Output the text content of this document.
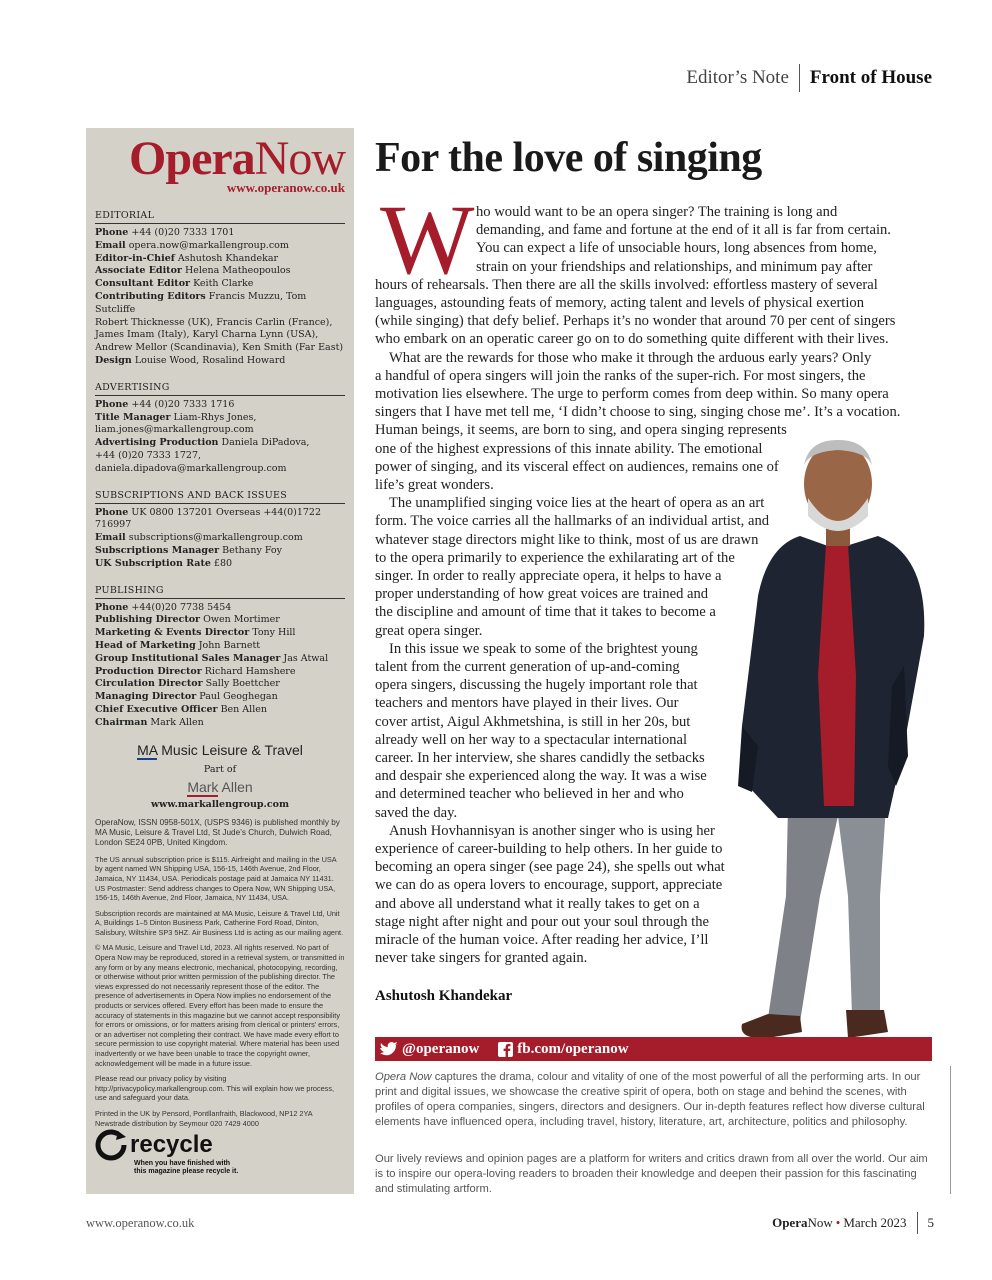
Editor’s Note	Front of House
OperaNow
www.operanow.co.uk
EDITORIAL
Phone +44 (0)20 7333 1701
Email opera.now@markallengroup.com
Editor-in-Chief Ashutosh Khandekar
Associate Editor Helena Matheopoulos
Consultant Editor Keith Clarke
Contributing Editors Francis Muzzu, Tom Sutcliffe
Robert Thicknesse (UK), Francis Carlin (France),
James Imam (Italy), Karyl Charna Lynn (USA),
Andrew Mellor (Scandinavia), Ken Smith (Far East)
Design Louise Wood, Rosalind Howard
ADVERTISING
Phone +44 (0)20 7333 1716
Title Manager Liam-Rhys Jones,
liam.jones@markallengroup.com
Advertising Production Daniela DiPadova,
+44 (0)20 7333 1727, daniela.dipadova@markallengroup.com
SUBSCRIPTIONS AND BACK ISSUES
Phone UK 0800 137201 Overseas +44(0)1722 716997
Email subscriptions@markallengroup.com
Subscriptions Manager Bethany Foy
UK Subscription Rate £80
PUBLISHING
Phone +44(0)20 7738 5454
Publishing Director Owen Mortimer
Marketing & Events Director Tony Hill
Head of Marketing John Barnett
Group Institutional Sales Manager Jas Atwal
Production Director Richard Hamshere
Circulation Director Sally Boettcher
Managing Director Paul Geoghegan
Chief Executive Officer Ben Allen
Chairman Mark Allen
MA Music Leisure & Travel
Part of
Mark Allen
www.markallengroup.com
OperaNow, ISSN 0958-501X, (USPS 9346) is published monthly by MA Music, Leisure & Travel Ltd, St Jude’s Church, Dulwich Road, London SE24 0PB, United Kingdom.
The US annual subscription price is $115. Airfreight and mailing in the USA by agent named WN Shipping USA, 156-15, 146th Avenue, 2nd Floor, Jamaica, NY 11434, USA. Periodicals postage paid at Jamaica NY 11431. US Postmaster: Send address changes to Opera Now, WN Shipping USA, 156-15, 146th Avenue, 2nd Floor, Jamaica, NY 11434, USA.
Subscription records are maintained at MA Music, Leisure & Travel Ltd, Unit A, Buildings 1–5 Dinton Business Park, Catherine Ford Road, Dinton, Salisbury, Wiltshire SP3 5HZ. Air Business Ltd is acting as our mailing agent.
© MA Music, Leisure and Travel Ltd, 2023. All rights reserved. No part of Opera Now may be reproduced, stored in a retrieval system, or transmitted in any form or by any means electronic, mechanical, photocopying, recording, or otherwise without prior written permission of the publishing director. The views expressed do not necessarily represent those of the editor. The presence of advertisements in Opera Now implies no endorsement of the products or services offered. Every effort has been made to ensure the accuracy of statements in this magazine but we cannot accept responsibility for errors or omissions, or for matters arising from clerical or printers’ errors, or an advertiser not completing their contract. We have made every effort to secure permission to use copyright material. Where material has been used inadvertently or we have been unable to trace the copyright owner, acknowledgement will be made in a future issue.
Please read our privacy policy by visiting http://privacypolicy.markallengroup.com. This will explain how we process, use and safeguard your data.
Printed in the UK by Pensord, Pontllanfraith, Blackwood, NP12 2YA Newstrade distribution by Seymour 020 7429 4000
recycle
When you have finished with this magazine please recycle it.
For the love of singing
W ho would want to be an opera singer? The training is long and
demanding, and fame and fortune at the end of it all is far from certain.
You can expect a life of unsociable hours, long absences from home,
strain on your friendships and relationships, and minimum pay after
hours of rehearsals. Then there are all the skills involved: effortless mastery of several
languages, astounding feats of memory, acting talent and levels of physical exertion
(while singing) that defy belief. Perhaps it’s no wonder that around 70 per cent of singers
who embark on an operatic career go on to do something quite different with their lives.
What are the rewards for those who make it through the arduous early years? Only
a handful of opera singers will join the ranks of the super-rich. For most singers, the
motivation lies elsewhere. The urge to perform comes from deep within. So many opera
singers that I have met tell me, ‘I didn’t choose to sing, singing chose me’. It’s a vocation.
Human beings, it seems, are born to sing, and opera singing represents
one of the highest expressions of this innate ability. The emotional
power of singing, and its visceral effect on audiences, remains one of
life’s great wonders.
The unamplified singing voice lies at the heart of opera as an art
form. The voice carries all the hallmarks of an individual artist, and
whatever stage directors might like to think, most of us are drawn
to the opera primarily to experience the exhilarating art of the
singer. In order to really appreciate opera, it helps to have a
proper understanding of how great voices are trained and
the discipline and amount of time that it takes to become a
great opera singer.
In this issue we speak to some of the brightest young
talent from the current generation of up-and-coming
opera singers, discussing the hugely important role that
teachers and mentors have played in their lives. Our
cover artist, Aigul Akhmetshina, is still in her 20s, but
already well on her way to a spectacular international
career. In her interview, she shares candidly the setbacks
and despair she experienced along the way. It was a wise
and determined teacher who believed in her and who
saved the day.
Anush Hovhannisyan is another singer who is using her
experience of career-building to help others. In her guide to
becoming an opera singer (see page 24), she spells out what
we can do as opera lovers to encourage, support, appreciate
and above all understand what it really takes to get on a
stage night after night and pour out your soul through the
miracle of the human voice. After reading her advice, I’ll
never take singers for granted again.
Ashutosh Khandekar
@operanow	fb.com/operanow
Opera Now captures the drama, colour and vitality of one of the most powerful of all the performing arts. In our print and digital issues, we showcase the creative spirit of opera, both on stage and behind the scenes, with profiles of opera companies, singers, directors and designers. Our in-depth features reflect how diverse cultural elements have influenced opera, including travel, history, literature, art, architecture, politics and philosophy.
Our lively reviews and opinion pages are a platform for writers and critics drawn from all over the world. Our aim is to inspire our opera-loving readers to broaden their knowledge and deepen their passion for this fascinating and stimulating artform.
www.operanow.co.uk	OperaNow • March 2023 5
